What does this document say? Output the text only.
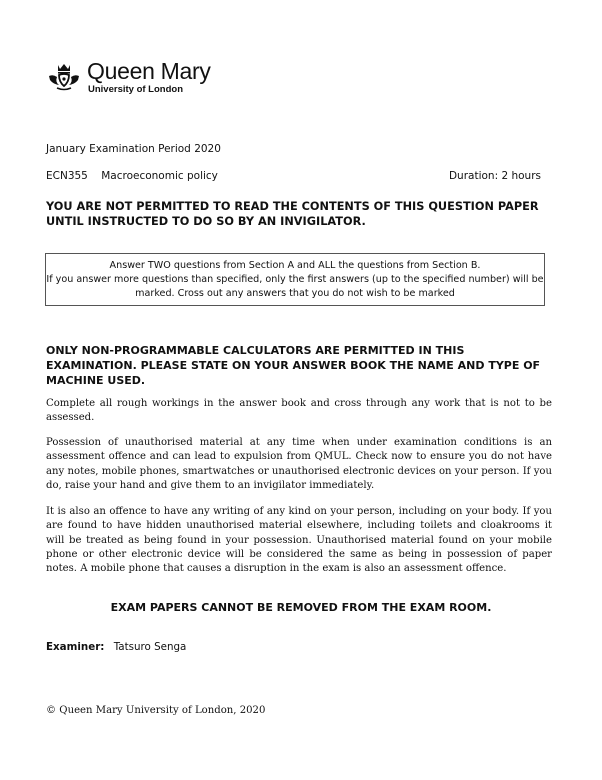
Queen Mary
University of London
January Examination Period 2020
ECN355 Macroeconomic policy	Duration: 2 hours
YOU ARE NOT PERMITTED TO READ THE CONTENTS OF THIS QUESTION PAPER UNTIL INSTRUCTED TO DO SO BY AN INVIGILATOR.
Answer TWO questions from Section A and ALL the questions from Section B.
If you answer more questions than specified, only the first answers (up to the specified number) will be marked. Cross out any answers that you do not wish to be marked
ONLY NON-PROGRAMMABLE CALCULATORS ARE PERMITTED IN THIS EXAMINATION. PLEASE STATE ON YOUR ANSWER BOOK THE NAME AND TYPE OF MACHINE USED.
Complete all rough workings in the answer book and cross through any work that is not to be assessed.
Possession of unauthorised material at any time when under examination conditions is an assessment offence and can lead to expulsion from QMUL. Check now to ensure you do not have any notes, mobile phones, smartwatches or unauthorised electronic devices on your person. If you do, raise your hand and give them to an invigilator immediately.
It is also an offence to have any writing of any kind on your person, including on your body. If you are found to have hidden unauthorised material elsewhere, including toilets and cloakrooms it will be treated as being found in your possession. Unauthorised material found on your mobile phone or other electronic device will be considered the same as being in possession of paper notes. A mobile phone that causes a disruption in the exam is also an assessment offence.
EXAM PAPERS CANNOT BE REMOVED FROM THE EXAM ROOM.
Examiner: Tatsuro Senga
© Queen Mary University of London, 2020
